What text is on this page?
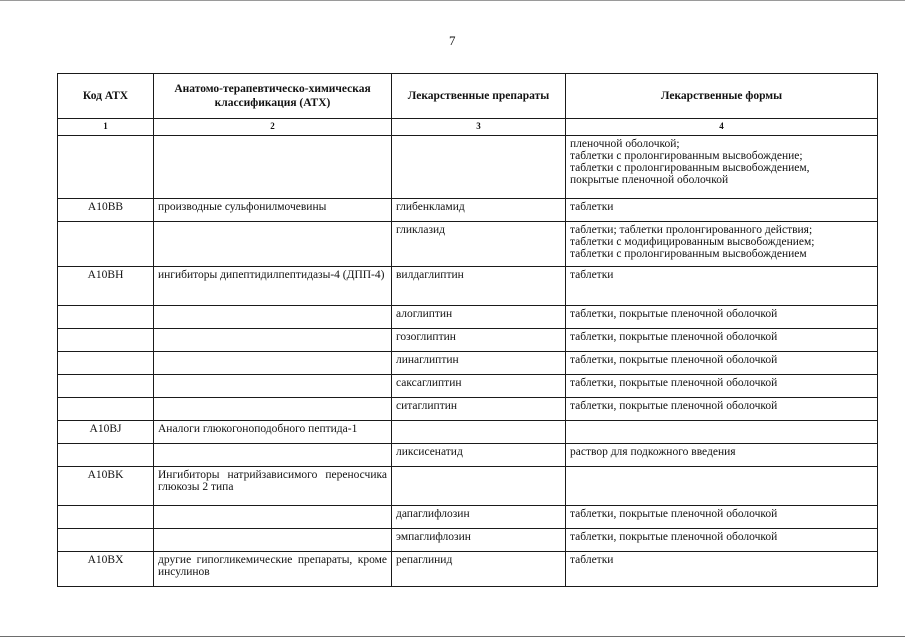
7
Код АТХ	Анатомо-терапевтическо-химическая классификация (АТХ)	Лекарственные препараты	Лекарственные формы
1	2	3	4

			пленочной оболочкой;
таблетки с пролонгированным высвобождение;
таблетки с пролонгированным высвобождением,
покрытые пленочной оболочкой

A10BB	производные сульфонилмочевины	глибенкламид	таблетки
		гликлазид	таблетки; таблетки пролонгированного действия;
таблетки с модифицированным высвобождением;
таблетки с пролонгированным высвобождением

A10BH	ингибиторы дипептидилпептидазы-4 (ДПП-4)	вилдаглиптин	таблетки
		алоглиптин	таблетки, покрытые пленочной оболочкой
		гозоглиптин	таблетки, покрытые пленочной оболочкой
		линаглиптин	таблетки, покрытые пленочной оболочкой
		саксаглиптин	таблетки, покрытые пленочной оболочкой
		ситаглиптин	таблетки, покрытые пленочной оболочкой
A10BJ	Аналоги глюкогоноподобного пептида-1		
		ликсисенатид	раствор для подкожного введения
A10BK	Ингибиторы натрийзависимого переносчика глюкозы 2 типа		
		дапаглифлозин	таблетки, покрытые пленочной оболочкой
		эмпаглифлозин	таблетки, покрытые пленочной оболочкой
A10BX	другие гипогликемические препараты, кроме инсулинов	репаглинид	таблетки
